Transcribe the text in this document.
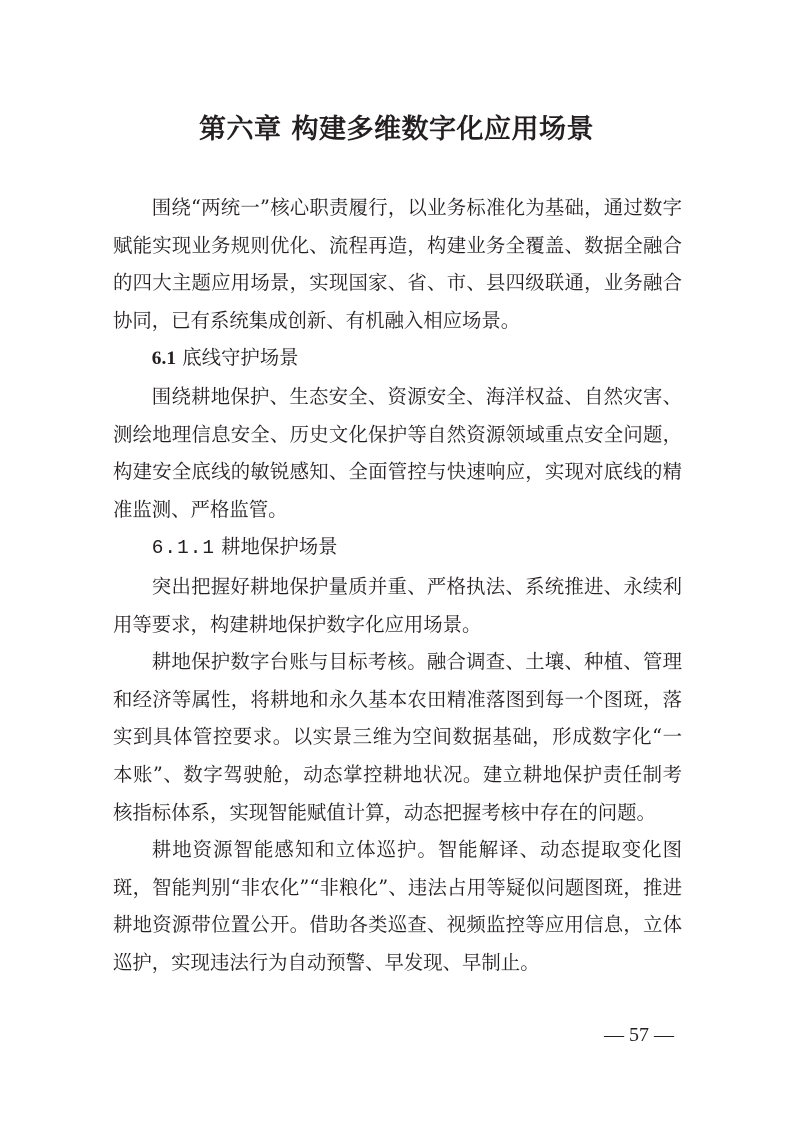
第六章 构建多维数字化应用场景

围绕“两统一”核心职责履行，以业务标准化为基础，通过数字赋能实现业务规则优化、流程再造，构建业务全覆盖、数据全融合的四大主题应用场景，实现国家、省、市、县四级联通，业务融合协同，已有系统集成创新、有机融入相应场景。

6.1 底线守护场景

围绕耕地保护、生态安全、资源安全、海洋权益、自然灾害、测绘地理信息安全、历史文化保护等自然资源领域重点安全问题，构建安全底线的敏锐感知、全面管控与快速响应，实现对底线的精准监测、严格监管。

6.1.1 耕地保护场景

突出把握好耕地保护量质并重、严格执法、系统推进、永续利用等要求，构建耕地保护数字化应用场景。

耕地保护数字台账与目标考核。融合调查、土壤、种植、管理和经济等属性，将耕地和永久基本农田精准落图到每一个图斑，落实到具体管控要求。以实景三维为空间数据基础，形成数字化“一本账”、数字驾驶舱，动态掌控耕地状况。建立耕地保护责任制考核指标体系，实现智能赋值计算，动态把握考核中存在的问题。

耕地资源智能感知和立体巡护。智能解译、动态提取变化图斑，智能判别“非农化”“非粮化”、违法占用等疑似问题图斑，推进耕地资源带位置公开。借助各类巡查、视频监控等应用信息，立体巡护，实现违法行为自动预警、早发现、早制止。

— 57 —
